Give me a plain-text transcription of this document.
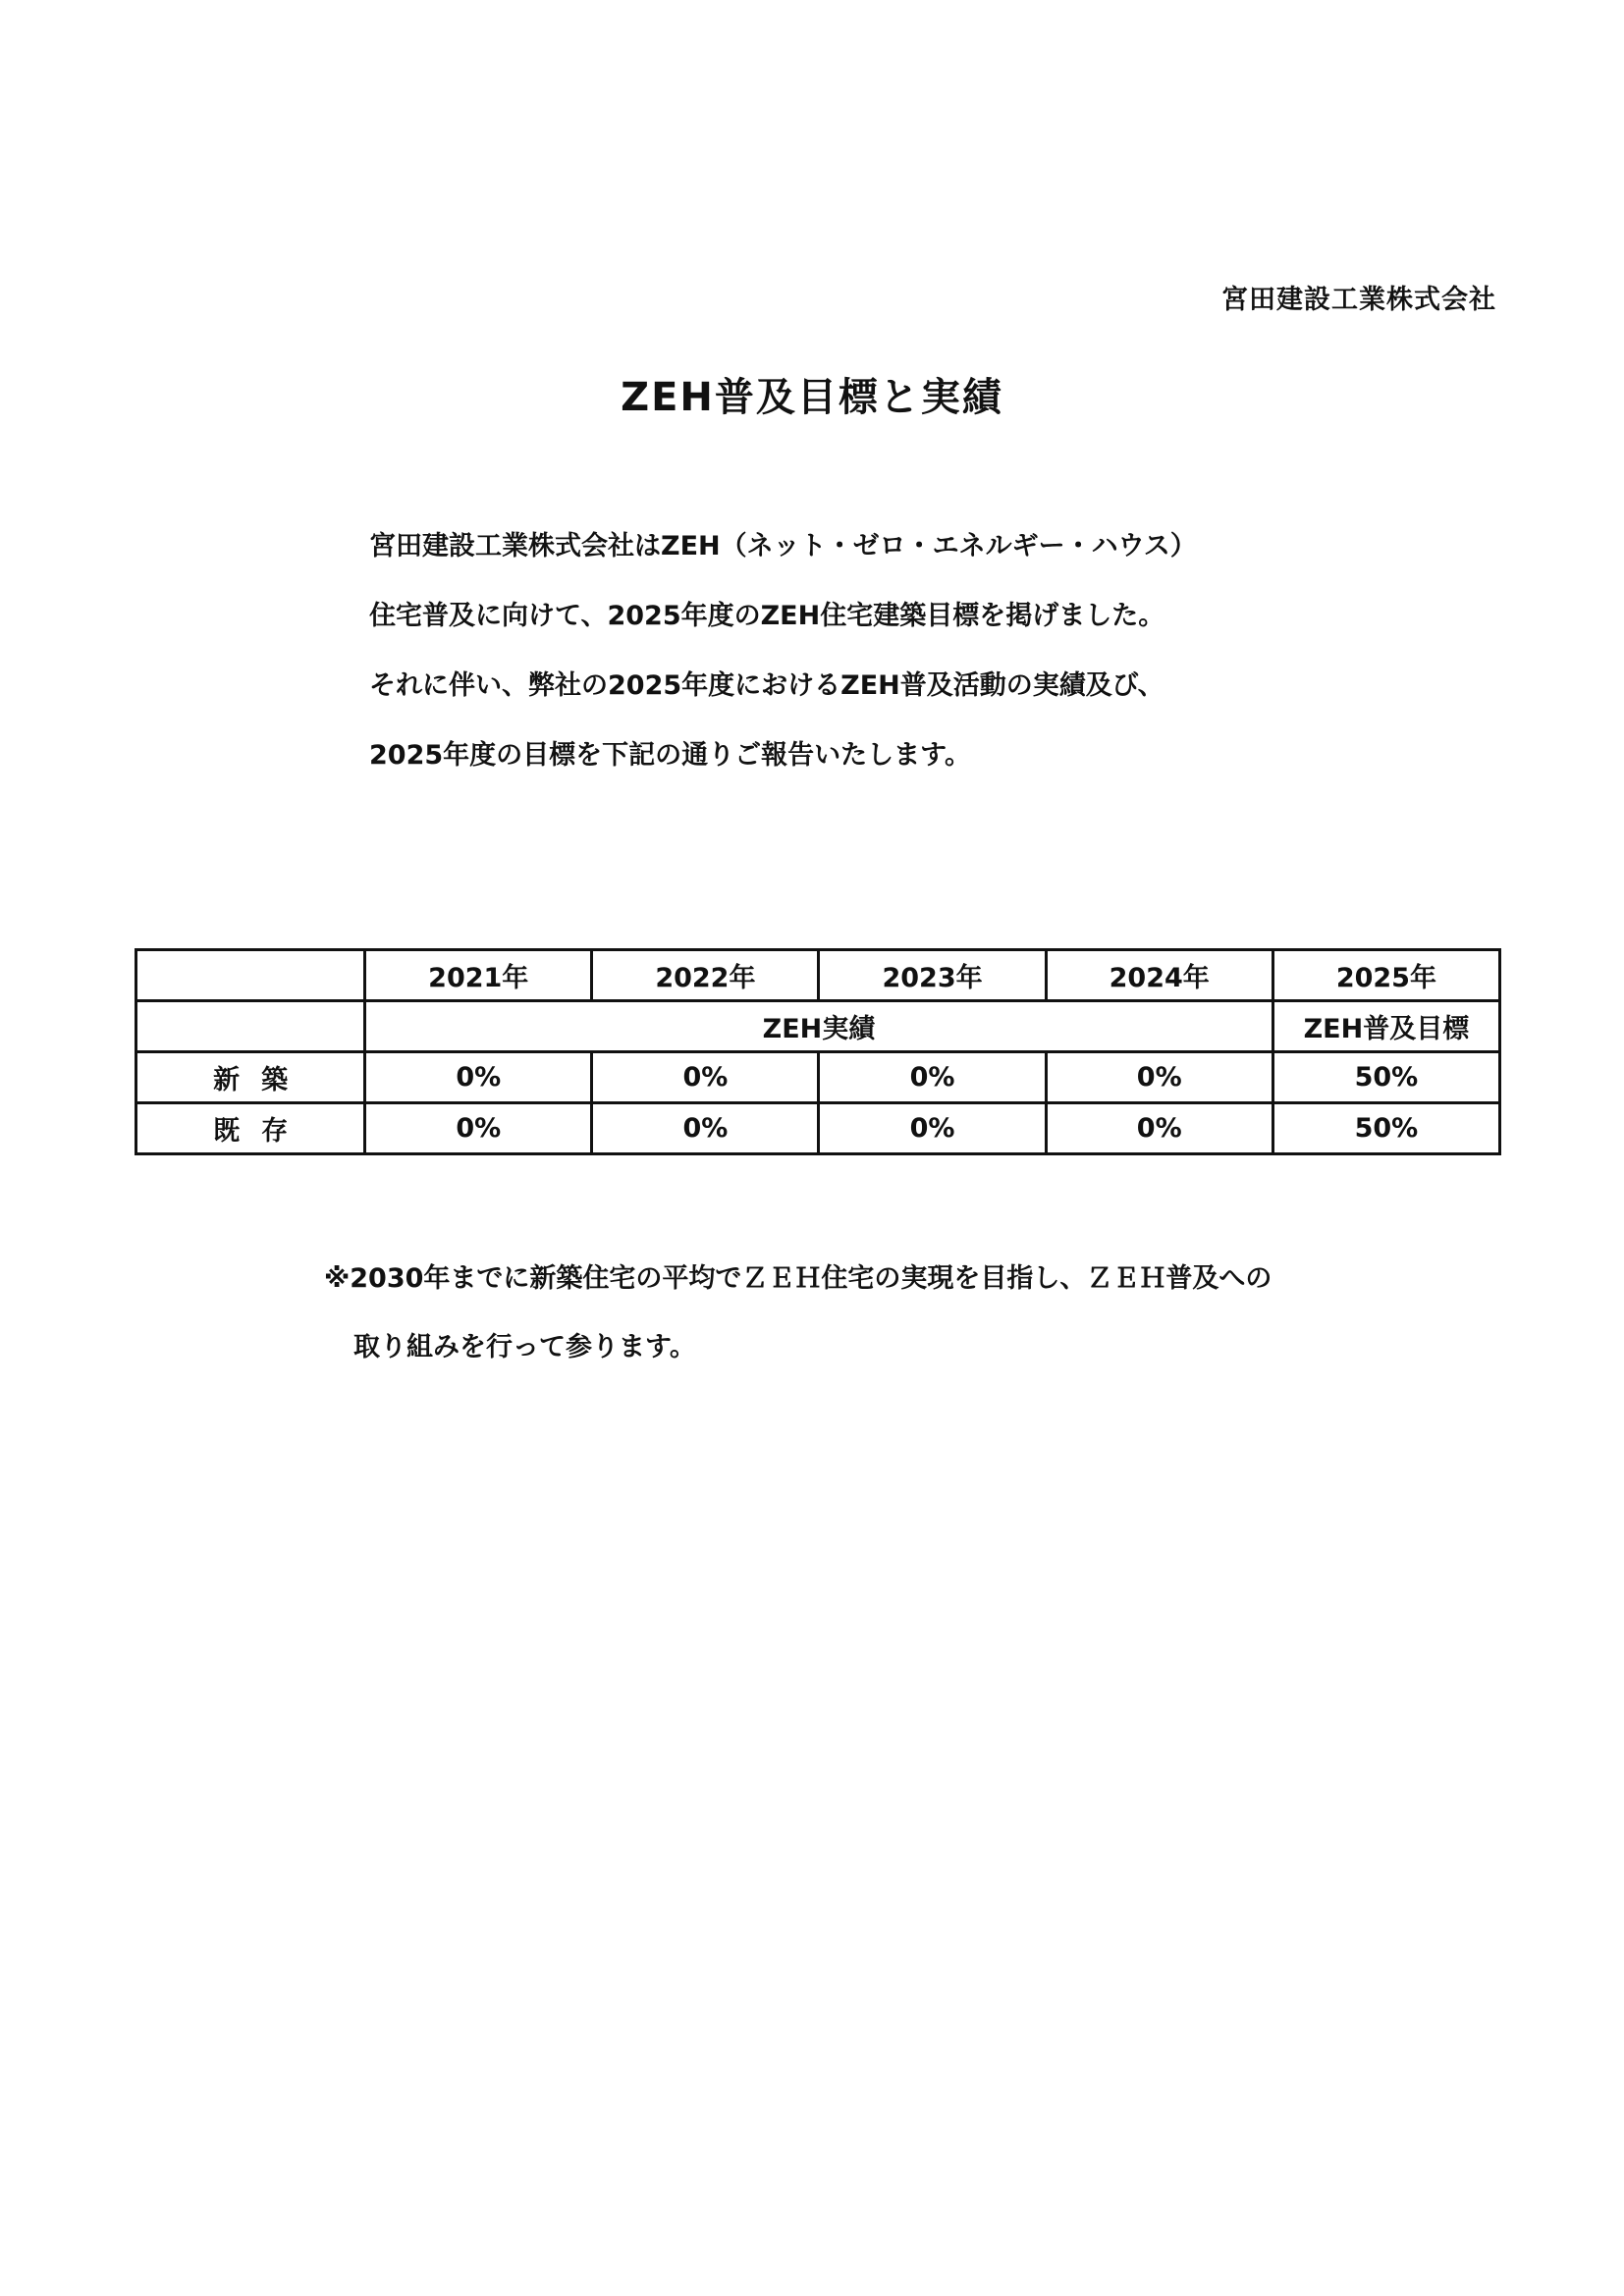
宮田建設工業株式会社
ZEH普及目標と実績

宮田建設工業株式会社はZEH（ネット・ゼロ・エネルギー・ハウス）

住宅普及に向けて、2025年度のZEH住宅建築目標を掲げました。

それに伴い、弊社の2025年度におけるZEH普及活動の実績及び、

2025年度の目標を下記の通りご報告いたします。

	2021年	2022年	2023年	2024年	2025年
	ZEH実績				ZEH普及目標
新築	0%	0%	0%	0%	50%
既存	0%	0%	0%	0%	50%

※2030年までに新築住宅の平均でＺＥＨ住宅の実現を目指し、ＺＥＨ普及への

取り組みを行って参ります。
